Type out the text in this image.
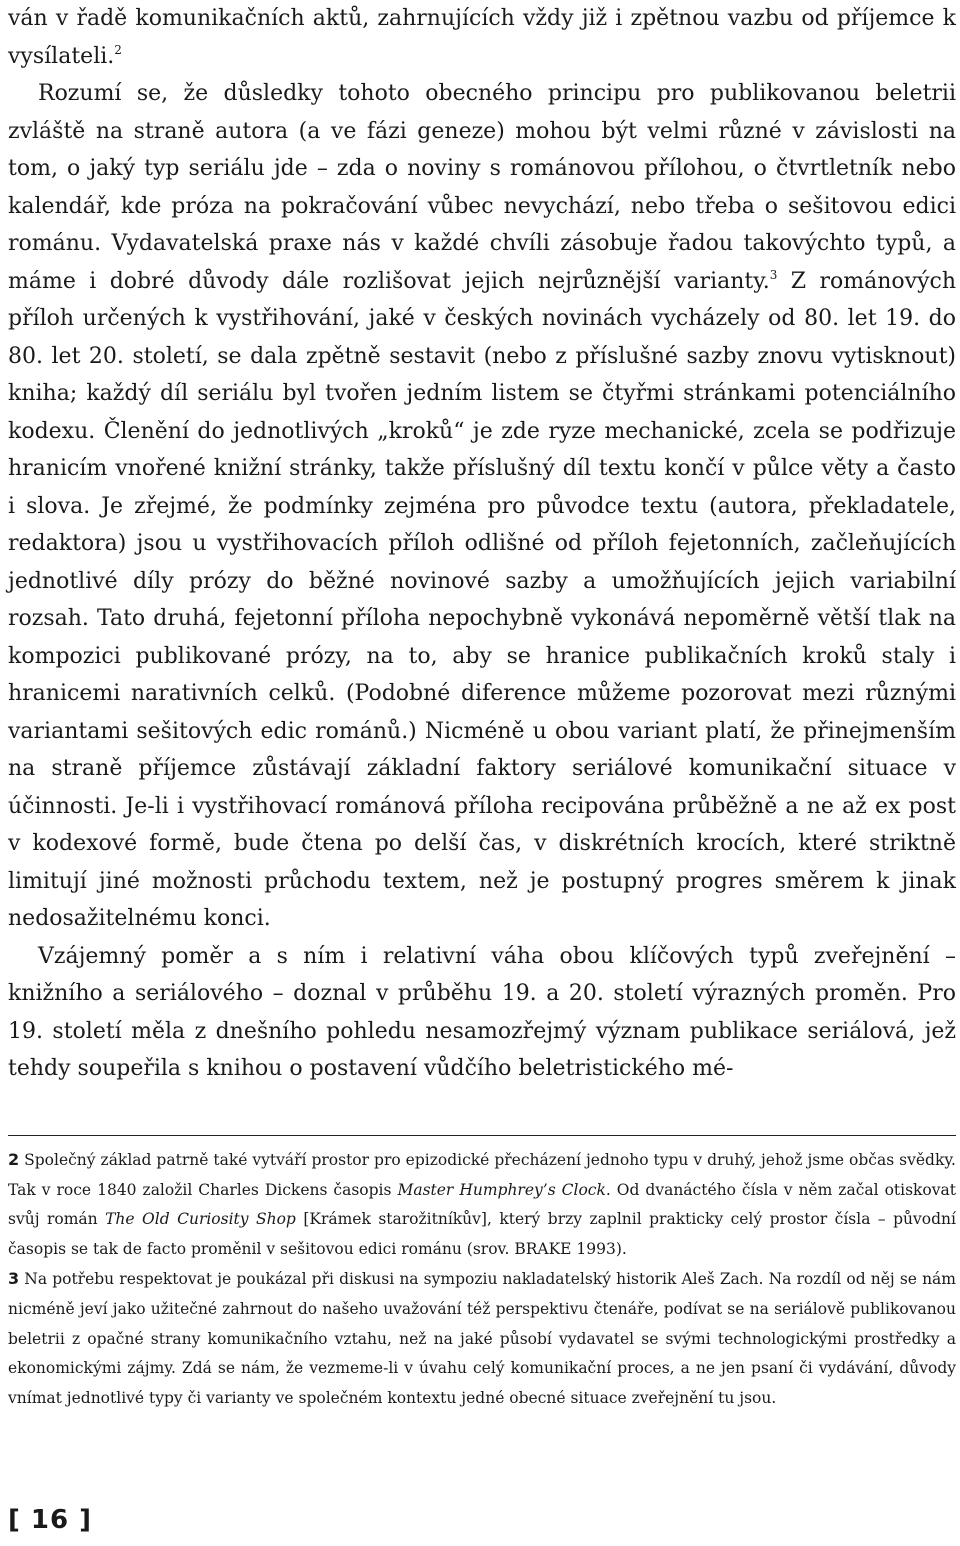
ván v řadě komunikačních aktů, zahrnujících vždy již i zpětnou vazbu od příjemce k vysílateli.$^2$

Rozumí se, že důsledky tohoto obecného principu pro publikovanou beletrii zvláště na straně autora (a ve fázi geneze) mohou být velmi různé v závislosti na tom, o jaký typ seriálu jde – zda o noviny s románovou přílohou, o čtvrtletník nebo kalendář, kde próza na pokračování vůbec nevychází, nebo třeba o sešitovou edici románu. Vydavatelská praxe nás v každé chvíli zásobuje řadou takovýchto typů, a máme i dobré důvody dále rozlišovat jejich nejrůznější varianty.$^3$ Z románových příloh určených k vystřihování, jaké v českých novinách vycházely od 80. let 19. do 80. let 20. století, se dala zpětně sestavit (nebo z příslušné sazby znovu vytisknout) kniha; každý díl seriálu byl tvořen jedním listem se čtyřmi stránkami potenciálního kodexu. Členění do jednotlivých „kroků“ je zde ryze mechanické, zcela se podřizuje hranicím vnořené knižní stránky, takže příslušný díl textu končí v půlce věty a často i slova. Je zřejmé, že podmínky zejména pro původce textu (autora, překladatele, redaktora) jsou u vystřihovacích příloh odlišné od příloh fejetonních, začleňujících jednotlivé díly prózy do běžné novinové sazby a umožňujících jejich variabilní rozsah. Tato druhá, fejetonní příloha nepochybně vykonává nepoměrně větší tlak na kompozici publikované prózy, na to, aby se hranice publikačních kroků staly i hranicemi narativních celků. (Podobné diference můžeme pozorovat mezi různými variantami sešitových edic románů.) Nicméně u obou variant platí, že přinejmenším na straně příjemce zůstávají základní faktory seriálové komunikační situace v účinnosti. Je-li i vystřihovací románová příloha recipována průběžně a ne až ex post v kodexové formě, bude čtena po delší čas, v diskrétních krocích, které striktně limitují jiné možnosti průchodu textem, než je postupný progres směrem k jinak nedosažitelnému konci.

Vzájemný poměr a s ním i relativní váha obou klíčových typů zveřejnění – knižního a seriálového – doznal v průběhu 19. a 20. století výrazných proměn. Pro 19. století měla z dnešního pohledu nesamozřejmý význam publikace seriálová, jež tehdy soupeřila s knihou o postavení vůdčího beletristického mé-

2 Společný základ patrně také vytváří prostor pro epizodické přecházení jednoho typu v druhý, jehož jsme občas svědky. Tak v roce 1840 založil Charles Dickens časopis Master Humphrey’s Clock. Od dvanáctého čísla v něm začal otiskovat svůj román The Old Curiosity Shop [Krámek starožitníkův], který brzy zaplnil prakticky celý prostor čísla – původní časopis se tak de facto proměnil v sešitovou edici románu (srov. BRAKE 1993).

3 Na potřebu respektovat je poukázal při diskusi na sympoziu nakladatelský historik Aleš Zach. Na rozdíl od něj se nám nicméně jeví jako užitečné zahrnout do našeho uvažování též perspektivu čtenáře, podívat se na seriálově publikovanou beletrii z opačné strany komunikačního vztahu, než na jaké působí vydavatel se svými technologickými prostředky a ekonomickými zájmy. Zdá se nám, že vezmeme-li v úvahu celý komunikační proces, a ne jen psaní či vydávání, důvody vnímat jednotlivé typy či varianty ve společném kontextu jedné obecné situace zveřejnění tu jsou.

[ 16 ]
